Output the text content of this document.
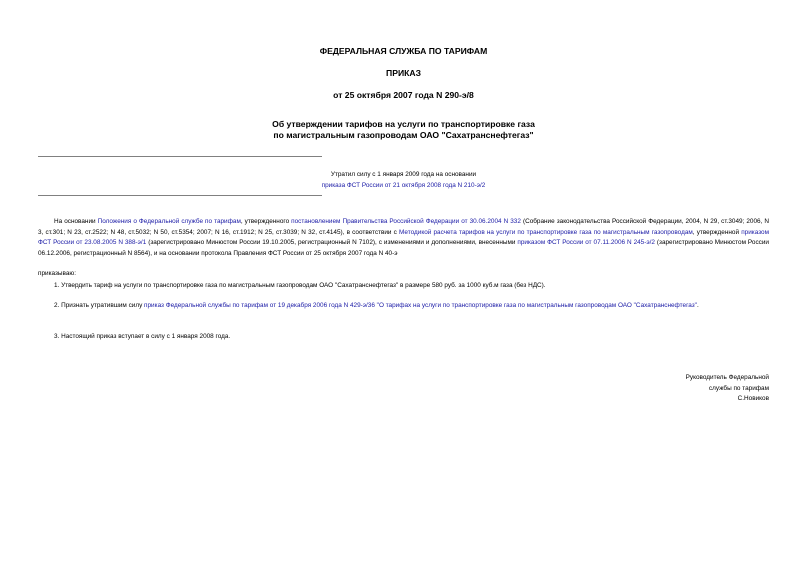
ФЕДЕРАЛЬНАЯ СЛУЖБА ПО ТАРИФАМ
ПРИКАЗ
от 25 октября 2007 года N 290-э/8
Об утверждении тарифов на услуги по транспортировке газа
по магистральным газопроводам ОАО "Сахатранснефтегаз"
Утратил силу с 1 января 2009 года на основании
приказа ФСТ России от 21 октября 2008 года N 210-э/2
На основании Положения о Федеральной службе по тарифам, утвержденного постановлением Правительства Российской Федерации от 30.06.2004 N 332 (Собрание законодательства Российской Федерации, 2004, N 29, ст.3049; 2006, N 3, ст.301; N 23, ст.2522; N 48, ст.5032; N 50, ст.5354; 2007; N 16, ст.1912; N 25, ст.3039; N 32, ст.4145), в соответствии с Методикой расчета тарифов на услуги по транспортировке газа по магистральным газопроводам, утвержденной приказом ФСТ России от 23.08.2005 N 388-э/1 (зарегистрировано Минюстом России 19.10.2005, регистрационный N 7102), с изменениями и дополнениями, внесенными приказом ФСТ России от 07.11.2006 N 245-э/2 (зарегистрировано Минюстом России 06.12.2006, регистрационный N 8564), и на основании протокола Правления ФСТ России от 25 октября 2007 года N 40-э
приказываю:
1. Утвердить тариф на услуги по транспортировке газа по магистральным газопроводам ОАО "Сахатранснефтегаз" в размере 580 руб. за 1000 куб.м газа (без НДС).
2. Признать утратившим силу приказ Федеральной службы по тарифам от 19 декабря 2006 года N 429-э/36 "О тарифах на услуги по транспортировке газа по магистральным газопроводам ОАО "Сахатранснефтегаз".
3. Настоящий приказ вступает в силу с 1 января 2008 года.
Руководитель Федеральной
службы по тарифам
С.Новиков
